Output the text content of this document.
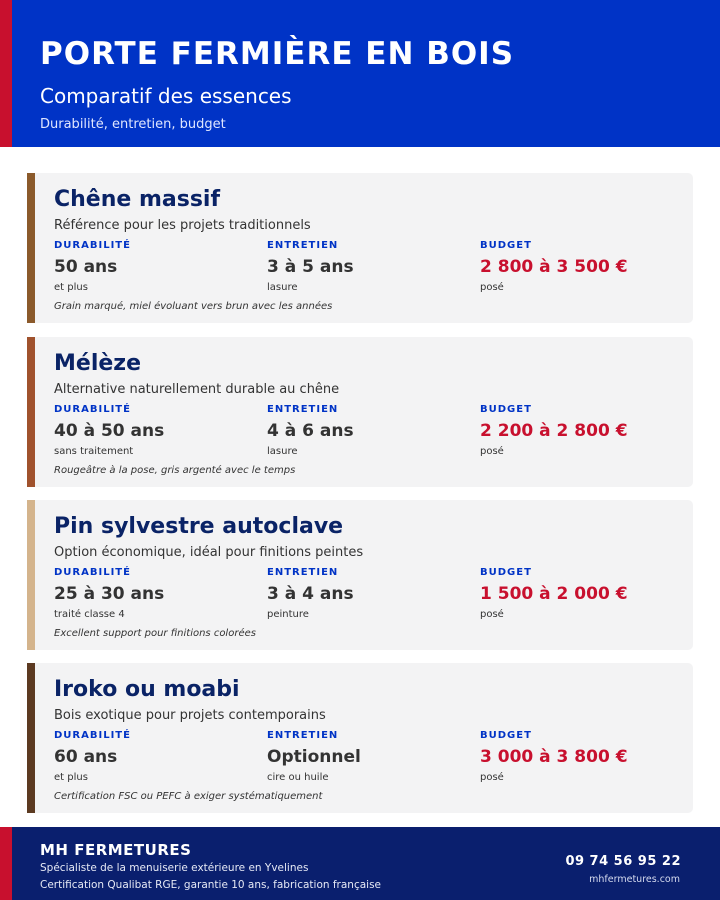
PORTE FERMIÈRE EN BOIS
Comparatif des essences
Durabilité, entretien, budget
Chêne massif
Référence pour les projets traditionnels
DURABILITÉ
50 ans
et plus
ENTRETIEN
3 à 5 ans
lasure
BUDGET
2 800 à 3 500 €
posé
Grain marqué, miel évoluant vers brun avec les années
Mélèze
Alternative naturellement durable au chêne
DURABILITÉ
40 à 50 ans
sans traitement
ENTRETIEN
4 à 6 ans
lasure
BUDGET
2 200 à 2 800 €
posé
Rougeâtre à la pose, gris argenté avec le temps
Pin sylvestre autoclave
Option économique, idéal pour finitions peintes
DURABILITÉ
25 à 30 ans
traité classe 4
ENTRETIEN
3 à 4 ans
peinture
BUDGET
1 500 à 2 000 €
posé
Excellent support pour finitions colorées
Iroko ou moabi
Bois exotique pour projets contemporains
DURABILITÉ
60 ans
et plus
ENTRETIEN
Optionnel
cire ou huile
BUDGET
3 000 à 3 800 €
posé
Certification FSC ou PEFC à exiger systématiquement
MH FERMETURES
Spécialiste de la menuiserie extérieure en Yvelines
Certification Qualibat RGE, garantie 10 ans, fabrication française
09 74 56 95 22
mhfermetures.com
